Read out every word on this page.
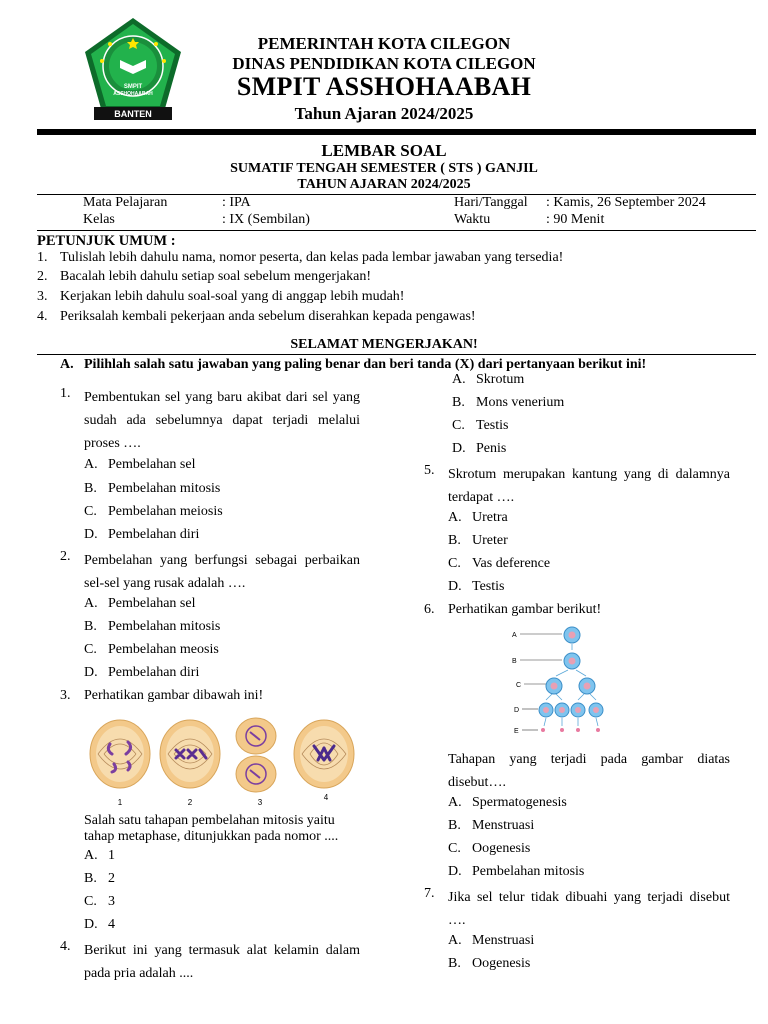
SMPIT
ASSHOHAABAH
BANTEN
PEMERINTAH KOTA CILEGON
DINAS PENDIDIKAN KOTA CILEGON
SMPIT ASSHOHAABAH
Tahun Ajaran 2024/2025
LEMBAR SOAL
SUMATIF TENGAH SEMESTER ( STS ) GANJIL
TAHUN AJARAN 2024/2025
Mata Pelajaran	: IPA
Kelas	: IX (Sembilan)
Hari/Tanggal : Kamis, 26 September 2024
Waktu	: 90 Menit
PETUNJUK UMUM :
1. Tulislah lebih dahulu nama, nomor peserta, dan kelas pada lembar jawaban yang tersedia!
2. Bacalah lebih dahulu setiap soal sebelum mengerjakan!
3. Kerjakan lebih dahulu soal-soal yang di anggap lebih mudah!
4. Periksalah kembali pekerjaan anda sebelum diserahkan kepada pengawas!
SELAMAT MENGERJAKAN!
A. Pilihlah salah satu jawaban yang paling benar dan beri tanda (X) dari pertanyaan berikut ini!
1. Pembentukan sel yang baru akibat dari sel yang sudah ada sebelumnya dapat terjadi melalui proses ….
A. Pembelahan sel
B. Pembelahan mitosis
C. Pembelahan meiosis
D. Pembelahan diri
2. Pembelahan yang berfungsi sebagai perbaikan sel-sel yang rusak adalah ….
A. Pembelahan sel
B. Pembelahan mitosis
C. Pembelahan meosis
D. Pembelahan diri
3. Perhatikan gambar dibawah ini!
1	2	3
4
Salah satu tahapan pembelahan mitosis yaitu tahap metaphase, ditunjukkan pada nomor ....
A. 1
B. 2
C. 3
D. 4
4. Berikut ini yang termasuk alat kelamin dalam pada pria adalah ....
A. Skrotum
B. Mons venerium
C. Testis
D. Penis
5. Skrotum merupakan kantung yang di dalamnya terdapat ….
A. Uretra
B. Ureter
C. Vas deference
D. Testis
6. Perhatikan gambar berikut!
A
B
C
D
E
Tahapan yang terjadi pada gambar diatas disebut….
A. Spermatogenesis
B. Menstruasi
C. Oogenesis
D. Pembelahan mitosis
7. Jika sel telur tidak dibuahi yang terjadi disebut ….
A. Menstruasi
B. Oogenesis
